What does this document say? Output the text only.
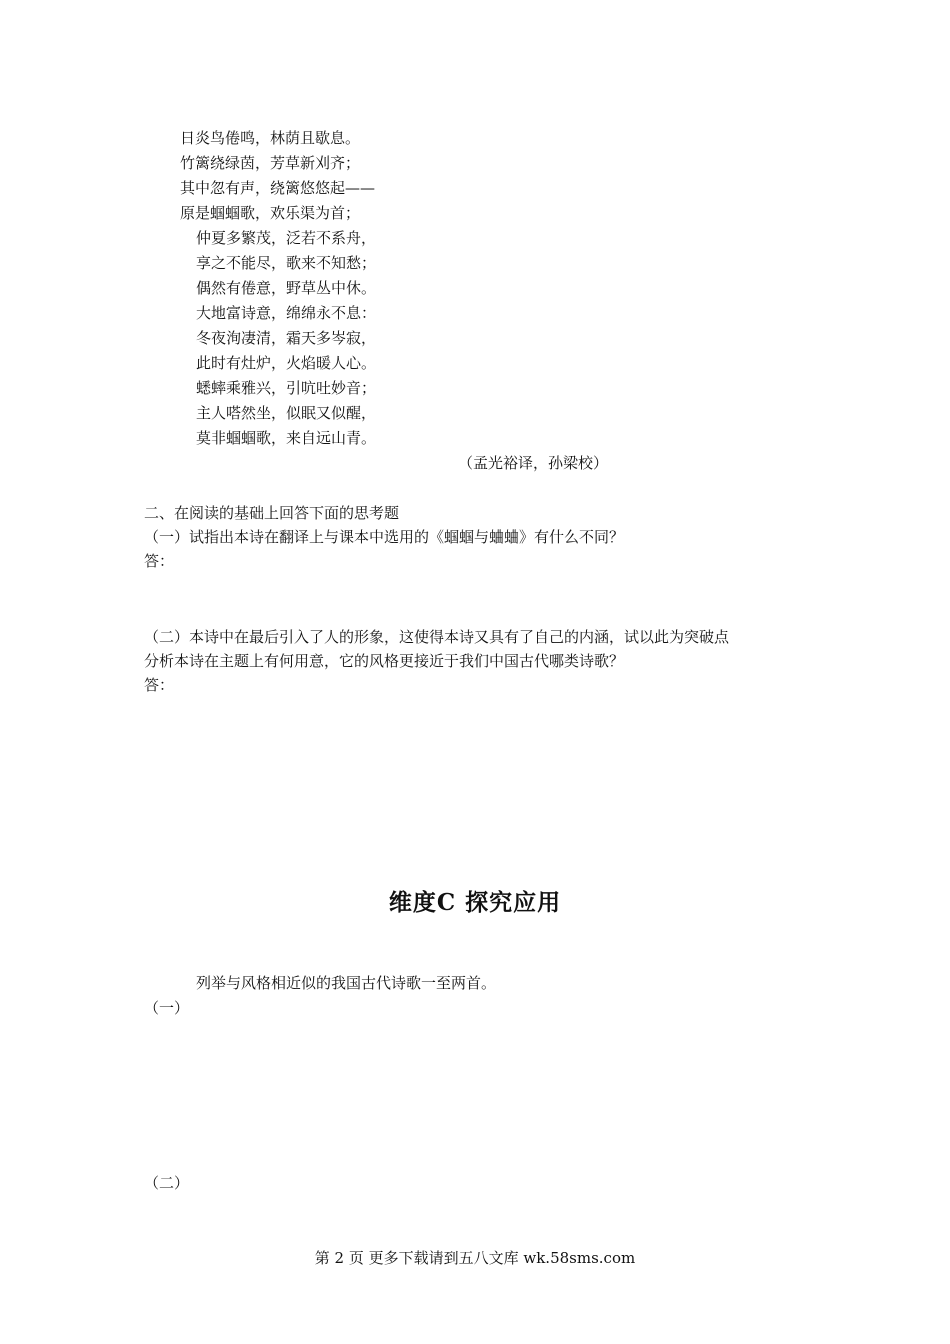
日炎鸟倦鸣，林荫且歇息。
竹篱绕绿茵，芳草新刈齐；
其中忽有声，绕篱悠悠起——
原是蝈蝈歌，欢乐渠为首；
仲夏多繁茂，泛若不系舟，
享之不能尽，歌来不知愁；
偶然有倦意，野草丛中休。
大地富诗意，绵绵永不息：
冬夜洵凄清，霜天多岑寂，
此时有灶炉，火焰暖人心。
蟋蟀乘雅兴，引吭吐妙音；
主人嗒然坐，似眠又似醒，
莫非蝈蝈歌，来自远山青。
（孟光裕译，孙梁校）
二、在阅读的基础上回答下面的思考题
（一）试指出本诗在翻译上与课本中选用的《蝈蝈与蛐蛐》有什么不同？
答：
（二）本诗中在最后引入了人的形象，这使得本诗又具有了自己的内涵，试以此为突破点
分析本诗在主题上有何用意，它的风格更接近于我们中国古代哪类诗歌？
答：
维度C 探究应用
列举与风格相近似的我国古代诗歌一至两首。
（一）
（二）
第 2 页 更多下载请到五八文库 wk.58sms.com
